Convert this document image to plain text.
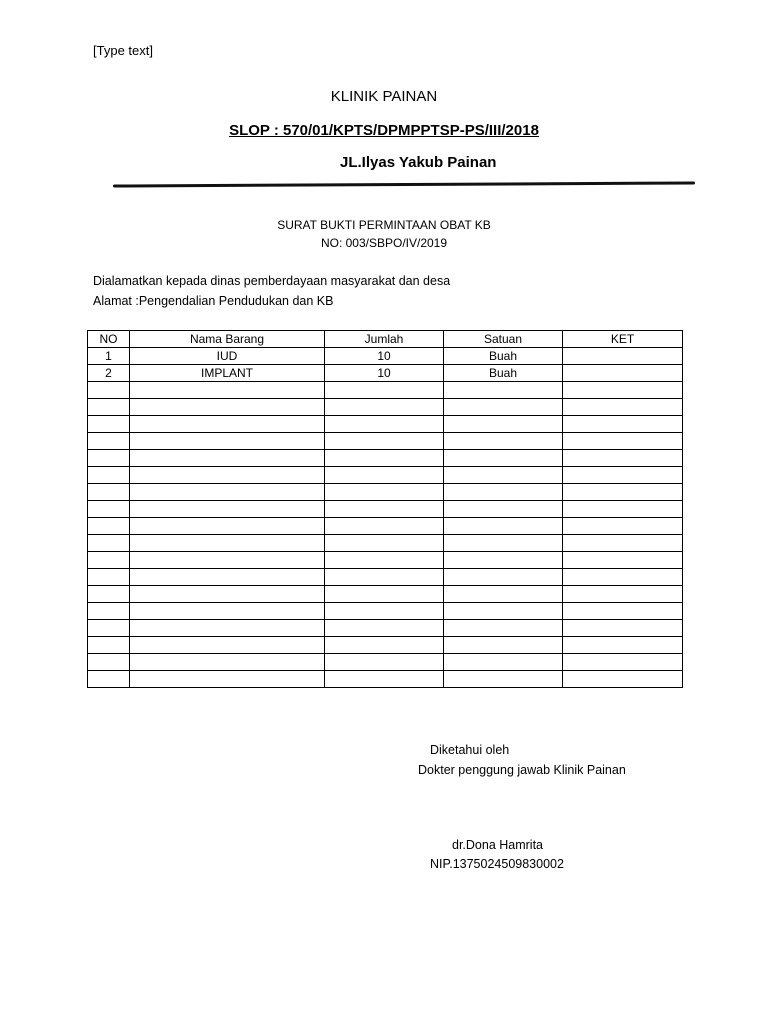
[Type text]
KLINIK PAINAN
SLOP : 570/01/KPTS/DPMPPTSP-PS/III/2018
JL.Ilyas Yakub Painan
SURAT BUKTI PERMINTAAN OBAT KB
NO: 003/SBPO/IV/2019
Dialamatkan kepada dinas pemberdayaan masyarakat dan desa
Alamat :Pengendalian Pendudukan dan KB
NO	Nama Barang	Jumlah	Satuan	KET
1	IUD	10	Buah	
2	IMPLANT	10	Buah	

Diketahui oleh
Dokter penggung jawab Klinik Painan
dr.Dona Hamrita
NIP.1375024509830002
